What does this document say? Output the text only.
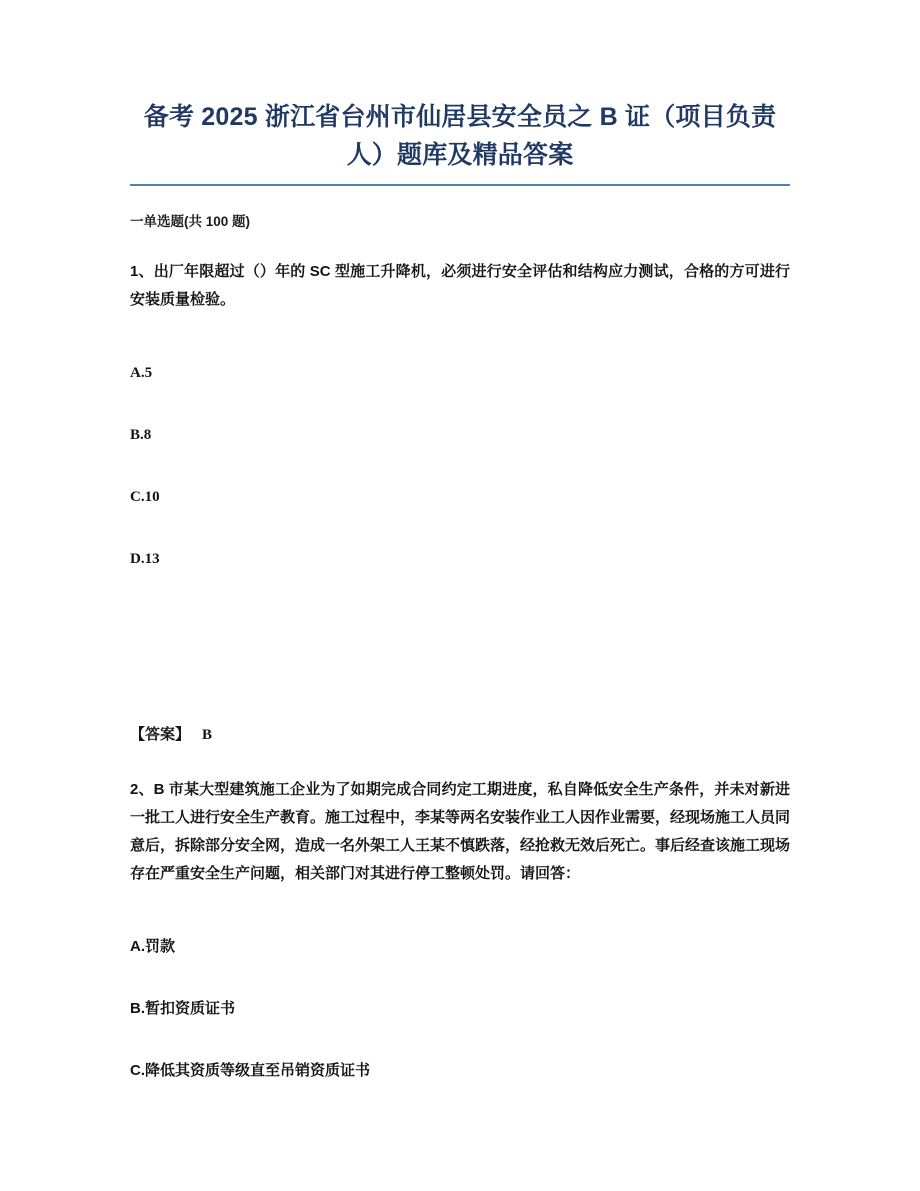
备考 2025 浙江省台州市仙居县安全员之 B 证（项目负责人）题库及精品答案

一单选题(共 100 题)

1、出厂年限超过（）年的 SC 型施工升降机，必须进行安全评估和结构应力测试，合格的方可进行安装质量检验。

A.5

B.8

C.10

D.13

【答案】 B

2、B 市某大型建筑施工企业为了如期完成合同约定工期进度，私自降低安全生产条件，并未对新进一批工人进行安全生产教育。施工过程中，李某等两名安装作业工人因作业需要，经现场施工人员同意后，拆除部分安全网，造成一名外架工人王某不慎跌落，经抢救无效后死亡。事后经查该施工现场存在严重安全生产问题，相关部门对其进行停工整顿处罚。请回答：

A.罚款

B.暂扣资质证书

C.降低其资质等级直至吊销资质证书
